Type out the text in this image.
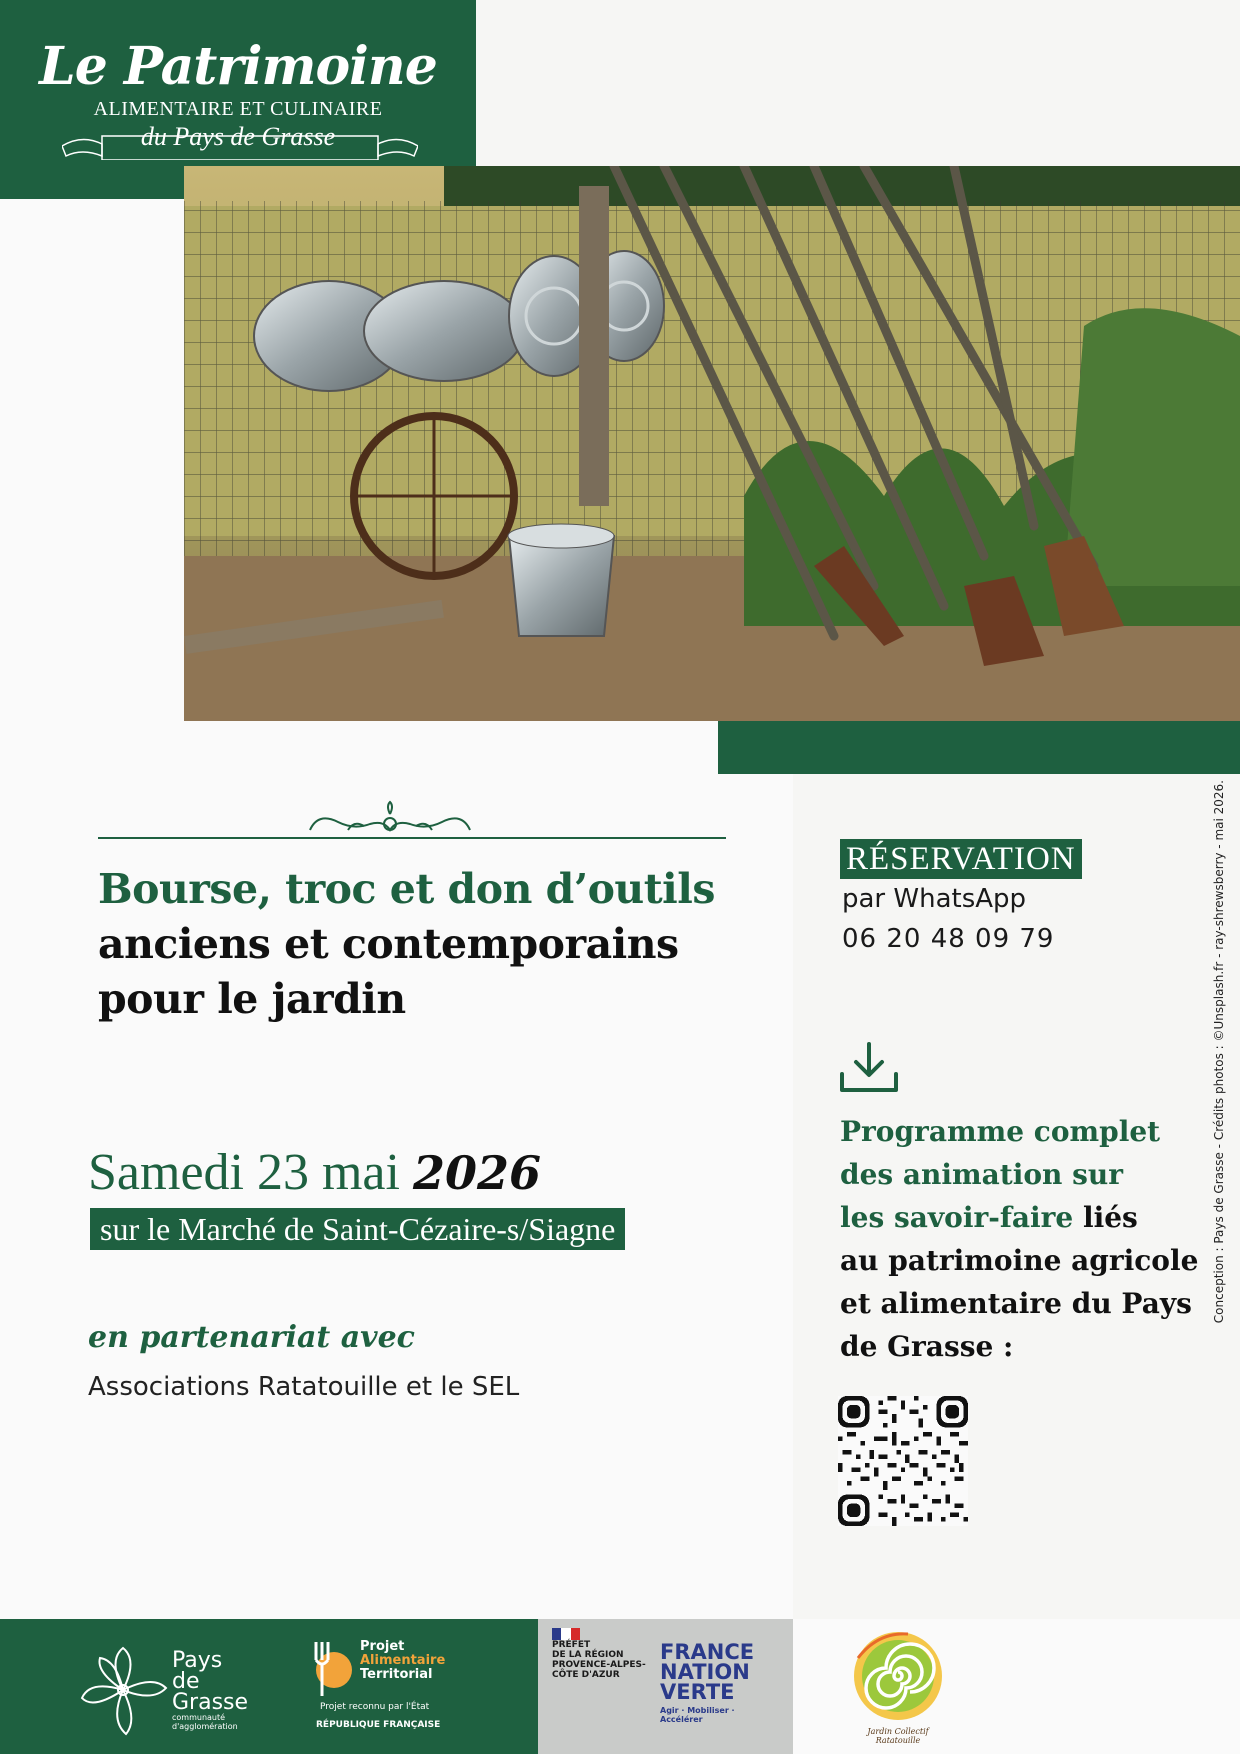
Le Patrimoine
ALIMENTAIRE ET CULINAIRE
du Pays de Grasse
Bourse, troc et don d’outils
anciens et contemporains
pour le jardin
Samedi 23 mai 2026
sur le Marché de Saint-Cézaire-s/Siagne
en partenariat avec
Associations Ratatouille et le SEL
RÉSERVATION
par WhatsApp
06 20 48 09 79
Programme complet
des animation sur
les savoir-faire liés
au patrimoine agricole
et alimentaire du Pays
de Grasse :
Conception : Pays de Grasse - Crédits photos : ©Unsplash.fr - ray-shrewsberry - mai 2026.
Pays
de
Grasse
communauté
d'agglomération
Projet
Alimentaire
Territorial
Projet reconnu par l'État
RÉPUBLIQUE FRANÇAISE
PRÉFET
DE LA RÉGION
PROVENCE-ALPES-
CÔTE D'AZUR
FRANCE
NATION
VERTE
Agir · Mobiliser · Accélérer
Jardin Collectif Ratatouille
